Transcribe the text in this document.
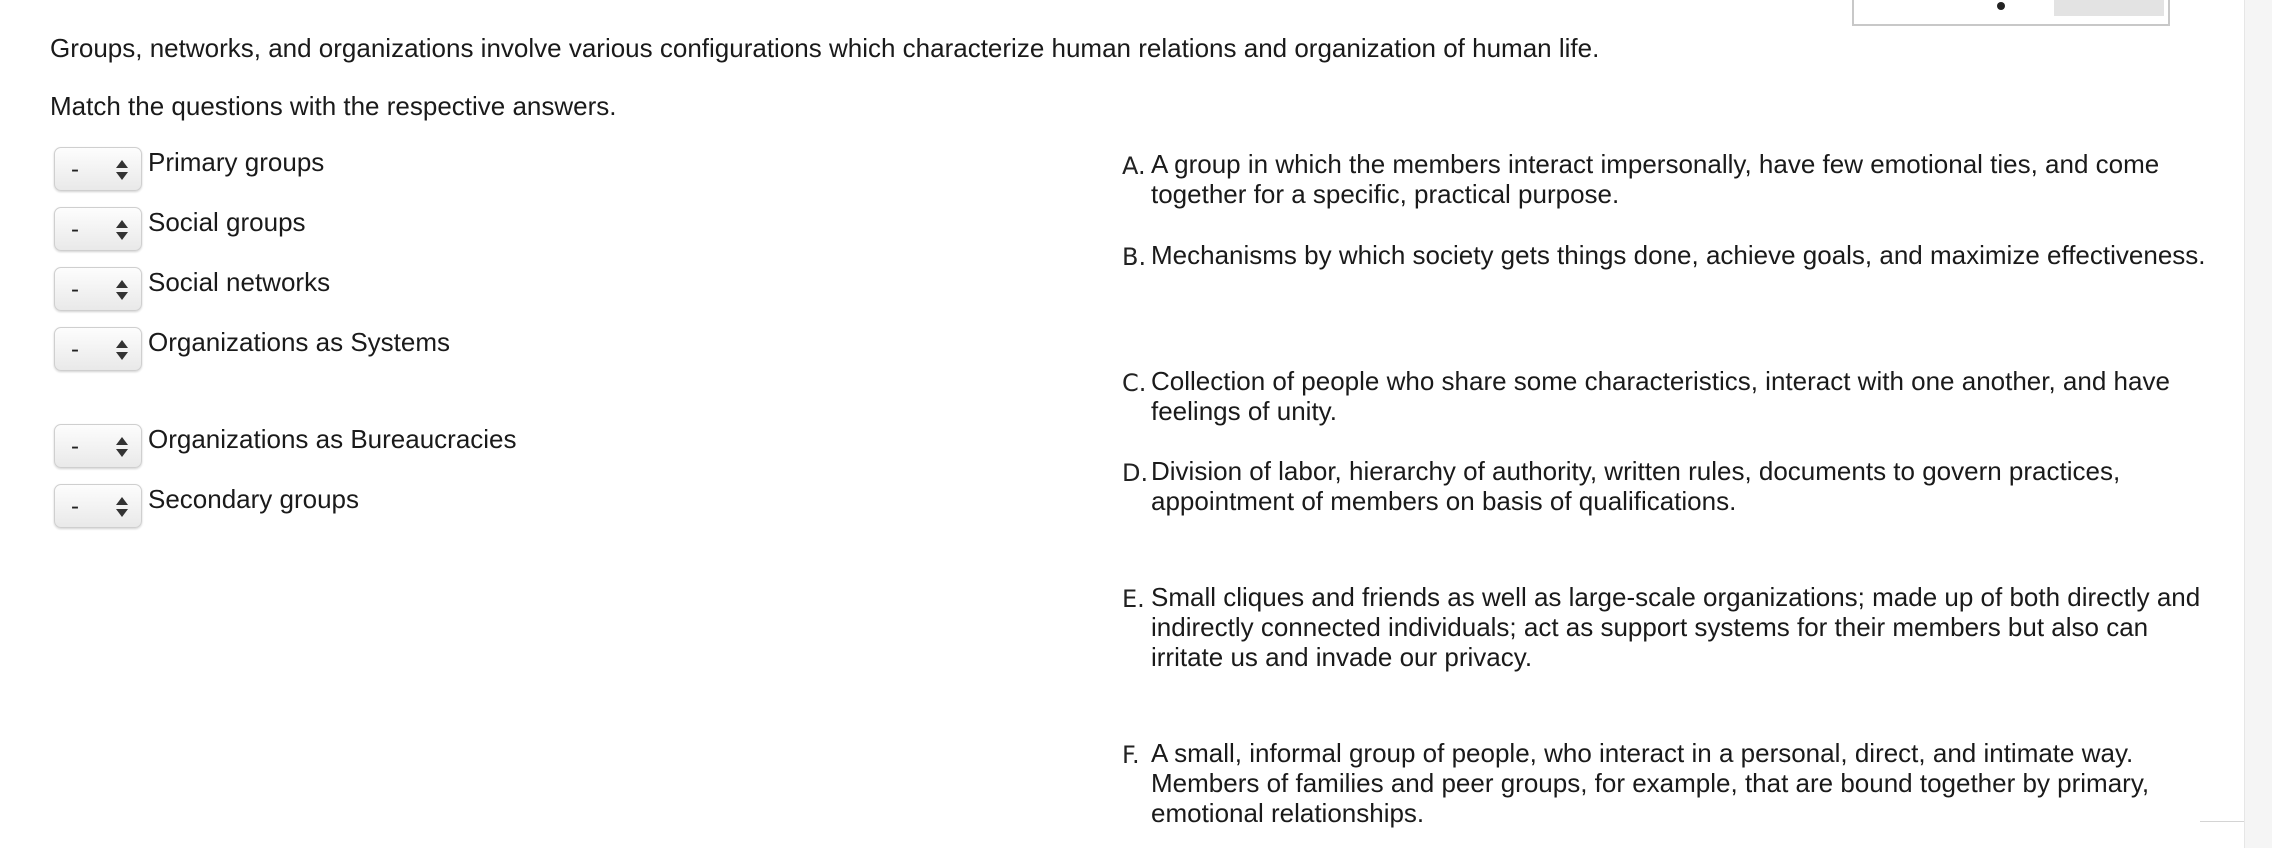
Groups, networks, and organizations involve various configurations which characterize human relations and organization of human life.
Match the questions with the respective answers.
-	Primary groups
-	Social groups
-	Social networks
-	Organizations as Systems
-	Organizations as Bureaucracies
-	Secondary groups
A. A group in which the members interact impersonally, have few emotional ties, and come together for a specific, practical purpose.
B. Mechanisms by which society gets things done, achieve goals, and maximize effectiveness.
C. Collection of people who share some characteristics, interact with one another, and have feelings of unity.
D. Division of labor, hierarchy of authority, written rules, documents to govern practices, appointment of members on basis of qualifications.
E. Small cliques and friends as well as large-scale organizations; made up of both directly and indirectly connected individuals; act as support systems for their members but also can irritate us and invade our privacy.
F. A small, informal group of people, who interact in a personal, direct, and intimate way. Members of families and peer groups, for example, that are bound together by primary, emotional relationships.
